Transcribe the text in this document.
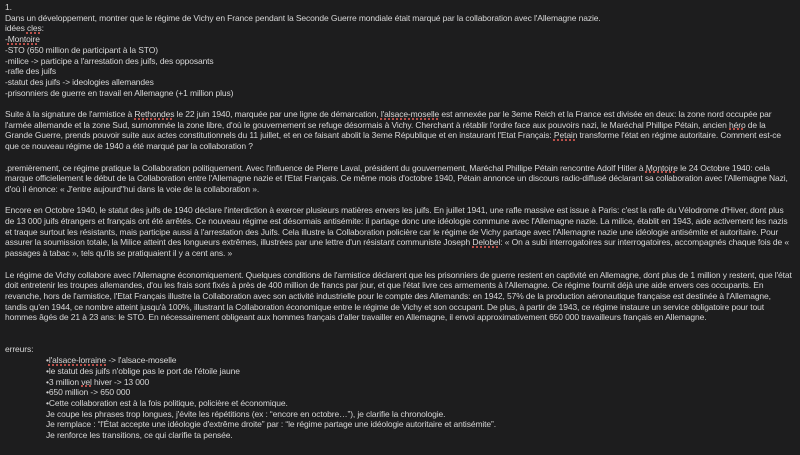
1.
Dans un développement, montrer que le régime de Vichy en France pendant la Seconde Guerre mondiale était marqué par la collaboration avec l'Allemagne nazie.
idées cles:
-Montoire
-STO (650 million de participant à la STO)
-milice -> participe a l'arrestation des juifs, des opposants
-rafle des juifs
-statut des juifs -> ideologies allemandes
-prisonniers de guerre en travail en Allemagne (+1 million plus)
Suite à la signature de l'armistice à Rethondes le 22 juin 1940, marquée par une ligne de démarcation, l'alsace-moselle est annexée par le 3eme Reich et la France est divisée en deux: la zone nord occupée par l'armée allemande et la zone Sud, surnommée la zone libre, d'où le gouvernement se refuge désormais à Vichy. Cherchant à rétablir l'ordre face aux pouvoirs nazi, le Maréchal Phillipe Pétain, ancien héro de la Grande Guerre, prends pouvoir suite aux actes constitutionnels du 11 juillet, et en ce faisant abolit la 3eme République et en instaurant l'Etat Français: Petain transforme l'état en régime autoritaire. Comment est-ce que ce nouveau régime de 1940 a été marqué par la collaboration ?
.premièrement, ce régime pratique la Collaboration politiquement. Avec l'influence de Pierre Laval, président du gouvernement, Maréchal Phillipe Pétain rencontre Adolf Hitler à Montoire le 24 Octobre 1940: cela marque officiellement le début de la Collaboration entre l'Allemagne nazie et l'Etat Français. Ce même mois d'octobre 1940, Pétain annonce un discours radio-diffusé déclarant sa collaboration avec l'Allemagne Nazi, d'où il énonce: « J'entre aujourd"hui dans la voie de la collaboration ».
Encore en Octobre 1940, le statut des juifs de 1940 déclare l'interdiction à exercer plusieurs matières envers les juifs. En juillet 1941, une rafle massive est issue à Paris: c'est la rafle du Vélodrome d'Hiver, dont plus de 13 000 juifs étrangers et français ont été arrêtés. Ce nouveau régime est désormais antisémite: il partage donc une idéologie commune avec l'Allemagne nazie. La milice, établit en 1943, aide activement les nazis et traque surtout les résistants, mais participe aussi à l'arrestation des Juifs. Cela illustre la Collaboration policière car le régime de Vichy partage avec l'Allemagne nazie une idéologie antisémite et autoritaire. Pour assurer la soumission totale, la Milice atteint des longueurs extrêmes, illustrées par une lettre d'un résistant communiste Joseph Delobel: « On a subi interrogatoires sur interrogatoires, accompagnés chaque fois de « passages à tabac », tels qu'ils se pratiquaient il y a cent ans. »
Le régime de Vichy collabore avec l'Allemagne économiquement. Quelques conditions de l'armistice déclarent que les prisonniers de guerre restent en captivité en Allemagne, dont plus de 1 million y restent, que l'état doit entretenir les troupes allemandes, d'ou les frais sont fixés à près de 400 million de francs par jour, et que l'état livre ces armements à l'Allemagne. Ce régime fournit déjà une aide envers ces occupants. En revanche, hors de l'armistice, l'Etat Français illustre la Collaboration avec son activité industrielle pour le compte des Allemands: en 1942, 57% de la production aéronautique française est destinée à l'Allemagne, tandis qu'en 1944, ce nombre atteint jusqu'à 100%, illustrant la Collaboration économique entre le régime de Vichy et son occupant. De plus, à partir de 1943, ce régime instaure un service obligatoire pour tout hommes âgés de 21 à 23 ans: le STO. En nécessairement obligeant aux hommes français d'aller travailler en Allemagne, il envoi approximativement 650 000 travailleurs français en Allemagne.
erreurs:
•l'alsace-lorraine -> l'alsace-moselle
•le statut des juifs n'oblige pas le port de l'étoile jaune
•3 million vel hiver -> 13 000
•650 million -> 650 000
•Cette collaboration est à la fois politique, policière et économique.
Je coupe les phrases trop longues, j'évite les répétitions (ex : “encore en octobre…”), je clarifie la chronologie.
Je remplace : “l'État accepte une idéologie d'extrême droite” par : “le régime partage une idéologie autoritaire et antisémite”.
Je renforce les transitions, ce qui clarifie ta pensée.
